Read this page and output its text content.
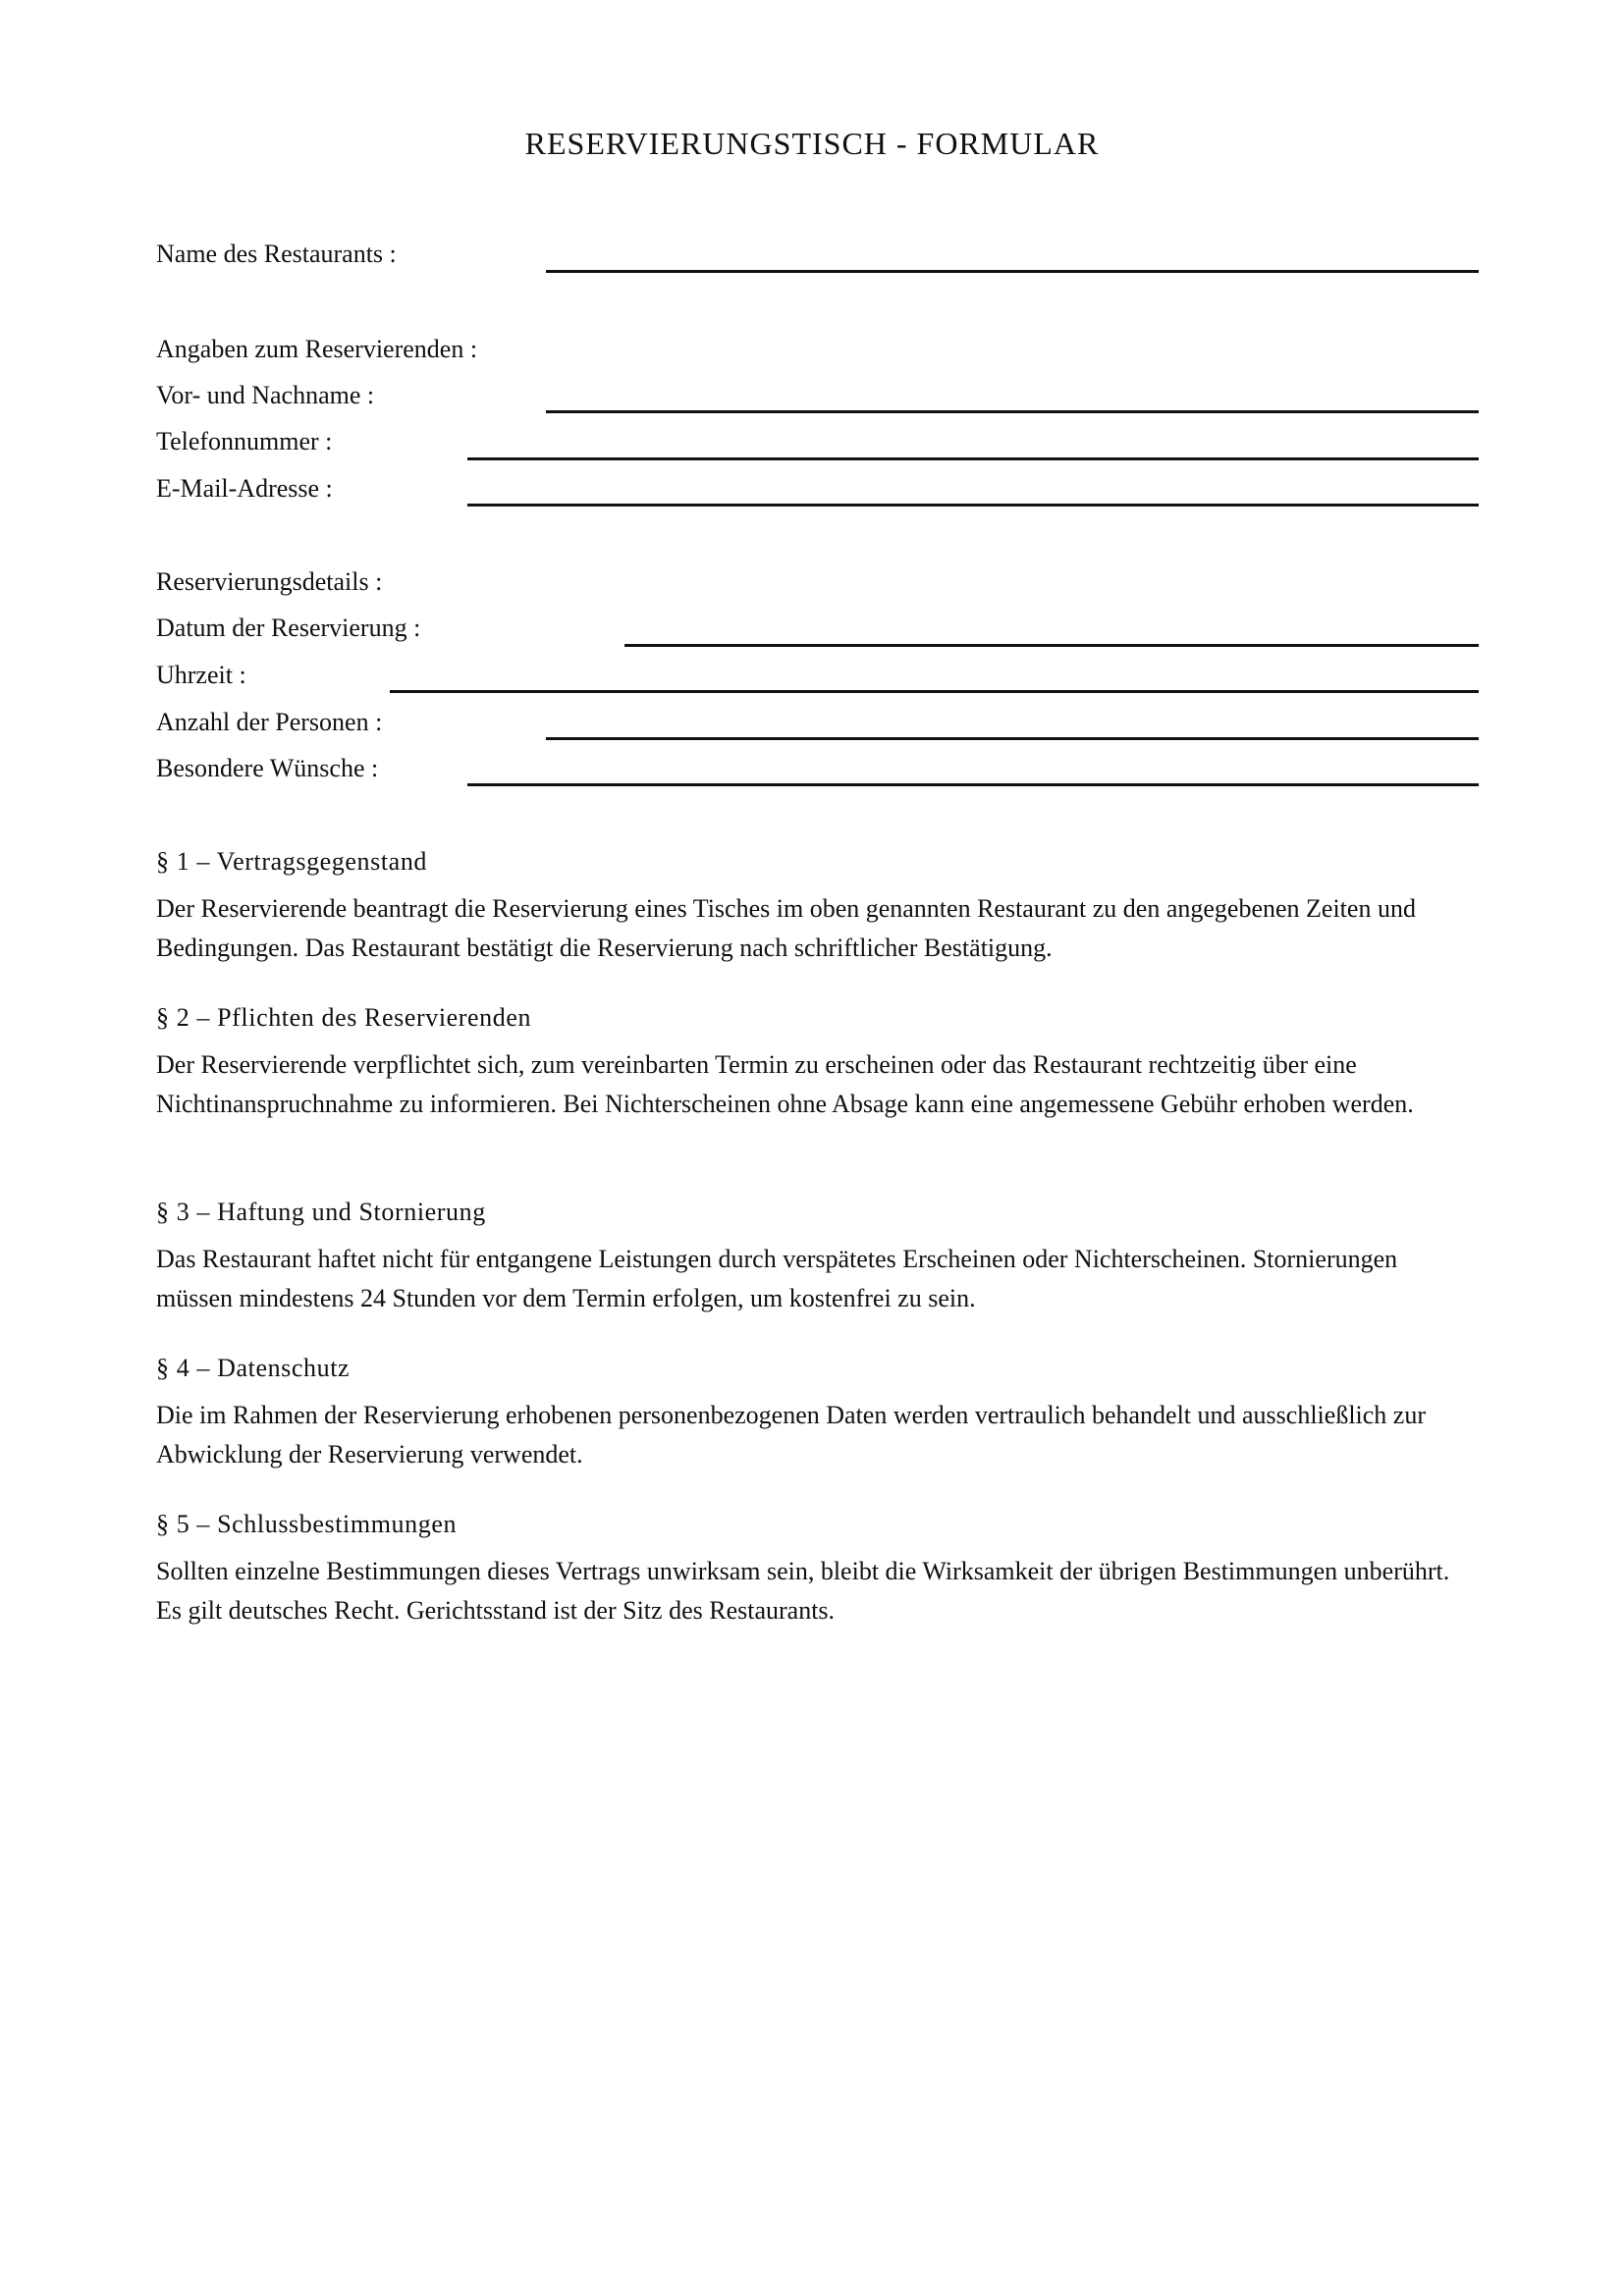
RESERVIERUNGSTISCH - FORMULAR
Name des Restaurants :
Angaben zum Reservierenden :
Vor- und Nachname :
Telefonnummer :
E-Mail-Adresse :
Reservierungsdetails :
Datum der Reservierung :
Uhrzeit :
Anzahl der Personen :
Besondere Wünsche :
§ 1 – Vertragsgegenstand
Der Reservierende beantragt die Reservierung eines Tisches im oben genannten Restaurant zu den angegebenen Zeiten und Bedingungen. Das Restaurant bestätigt die Reservierung nach schriftlicher Bestätigung.
§ 2 – Pflichten des Reservierenden
Der Reservierende verpflichtet sich, zum vereinbarten Termin zu erscheinen oder das Restaurant rechtzeitig über eine Nichtinanspruchnahme zu informieren. Bei Nichterscheinen ohne Absage kann eine angemessene Gebühr erhoben werden.
§ 3 – Haftung und Stornierung
Das Restaurant haftet nicht für entgangene Leistungen durch verspätetes Erscheinen oder Nichterscheinen. Stornierungen müssen mindestens 24 Stunden vor dem Termin erfolgen, um kostenfrei zu sein.
§ 4 – Datenschutz
Die im Rahmen der Reservierung erhobenen personenbezogenen Daten werden vertraulich behandelt und ausschließlich zur Abwicklung der Reservierung verwendet.
§ 5 – Schlussbestimmungen
Sollten einzelne Bestimmungen dieses Vertrags unwirksam sein, bleibt die Wirksamkeit der übrigen Bestimmungen unberührt. Es gilt deutsches Recht. Gerichtsstand ist der Sitz des Restaurants.
